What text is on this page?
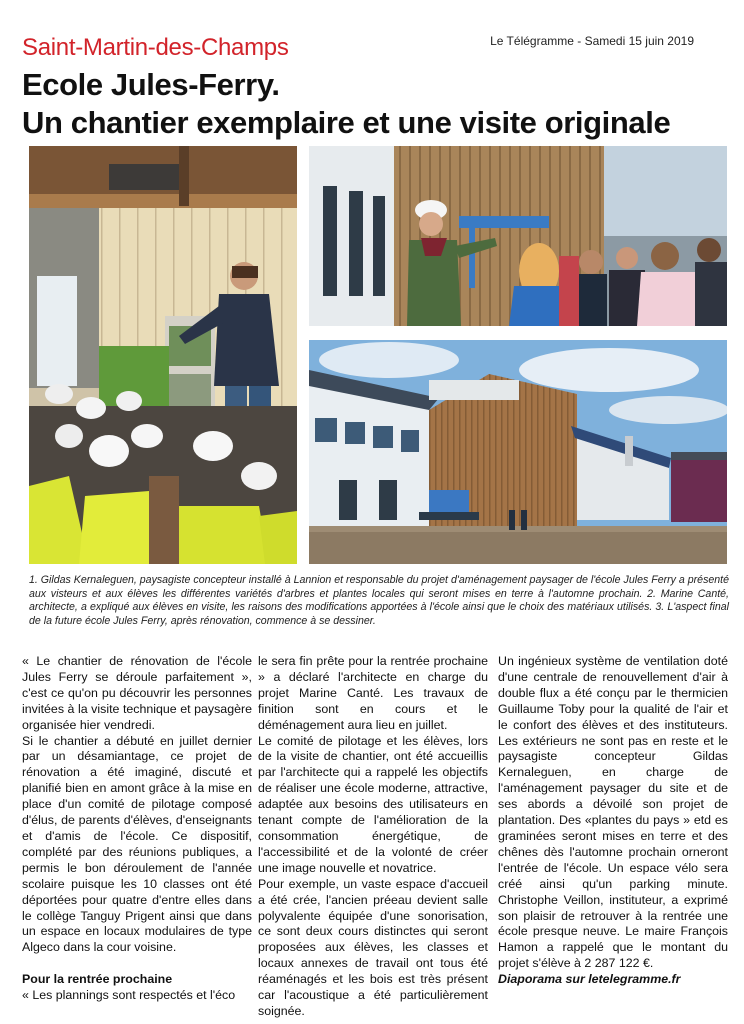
Saint-Martin-des-Champs	Le Télégramme - Samedi 15 juin 2019
Ecole Jules-Ferry.
Un chantier exemplaire et une visite originale
1. Gildas Kernaleguen, paysagiste concepteur installé à Lannion et responsable du projet d'aménagement paysager de l'école Jules Ferry a présenté aux visteurs et aux élèves les différentes variétés d'arbres et plantes locales qui seront mises en terre à l'automne prochain. 2. Marine Canté, architecte, a expliqué aux élèves en visite, les raisons des modifications apportées à l'école ainsi que le choix des matériaux utilisés. 3. L'aspect final de la future école Jules Ferry, après rénovation, commence à se dessiner.

« Le chantier de rénovation de l'école Jules Ferry se déroule parfaitement », c'est ce qu'on pu découvrir les personnes invitées à la visite technique et paysagère organisée hier vendredi.

Si le chantier a débuté en juillet dernier par un désamiantage, ce projet de rénovation a été imaginé, discuté et planifié bien en amont grâce à la mise en place d'un comité de pilotage composé d'élus, de parents d'élèves, d'enseignants et d'amis de l'école. Ce dispositif, complété par des réunions publiques, a permis le bon déroulement de l'année scolaire puisque les 10 classes ont été déportées pour quatre d'entre elles dans le collège Tanguy Prigent ainsi que dans un espace en locaux modulaires de type Algeco dans la cour voisine.

Pour la rentrée prochaine

« Les plannings sont respectés et l'éco

le sera fin prête pour la rentrée prochaine » a déclaré l'architecte en charge du projet Marine Canté. Les travaux de finition sont en cours et le déménagement aura lieu en juillet.

Le comité de pilotage et les élèves, lors de la visite de chantier, ont été accueillis par l'architecte qui a rappelé les objectifs de réaliser une école moderne, attractive, adaptée aux besoins des utilisateurs en tenant compte de l'amélioration de la consommation énergétique, de l'accessibilité et de la volonté de créer une image nouvelle et novatrice.

Pour exemple, un vaste espace d'accueil a été crée, l'ancien préeau devient salle polyvalente équipée d'une sonorisation, ce sont deux cours distinctes qui seront proposées aux élèves, les classes et locaux annexes de travail ont tous été réaménagés et les bois est très présent car l'acoustique a été particulièrement soignée.

Un ingénieux système de ventilation doté d'une centrale de renouvellement d'air à double flux a été conçu par le thermicien Guillaume Toby pour la qualité de l'air et le confort des élèves et des instituteurs. Les extérieurs ne sont pas en reste et le paysagiste concepteur Gildas Kernaleguen, en charge de l'aménagement paysager du site et de ses abords a dévoilé son projet de plantation. Des «plantes du pays » etd es graminées seront mises en terre et des chênes dès l'automne prochain orneront l'entrée de l'école. Un espace vélo sera créé ainsi qu'un parking minute. Christophe Veillon, instituteur, a exprimé son plaisir de retrouver à la rentrée une école presque neuve. Le maire François Hamon a rappelé que le montant du projet s'élève à 2 287 122 €.

Diaporama sur letelegramme.fr
